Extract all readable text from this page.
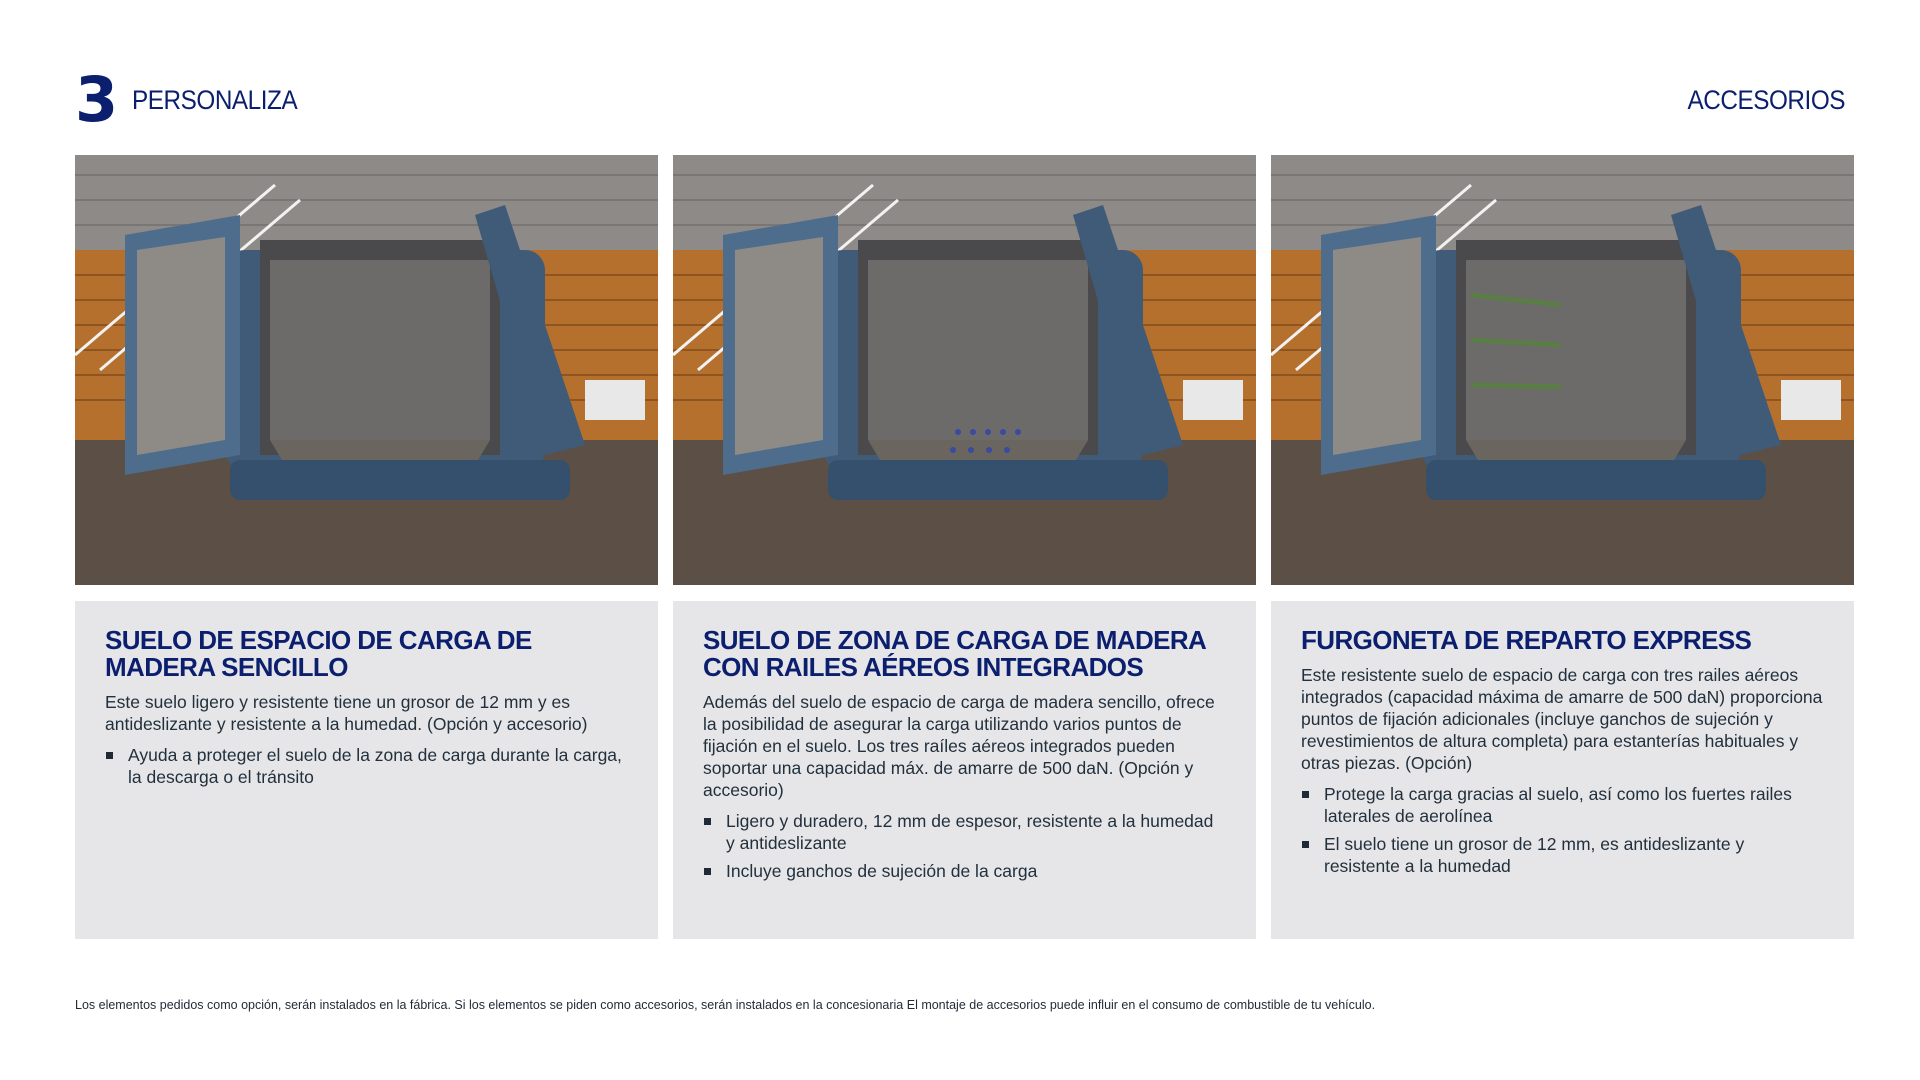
3 PERSONALIZA	ACCESORIOS
SUELO DE ESPACIO DE CARGA DE MADERA SENCILLO

Este suelo ligero y resistente tiene un grosor de 12 mm y es antideslizante y resistente a la humedad. (Opción y accesorio)

Ayuda a proteger el suelo de la zona de carga durante la carga, la descarga o el tránsito
SUELO DE ZONA DE CARGA DE MADERA CON RAILES AÉREOS INTEGRADOS

Además del suelo de espacio de carga de madera sencillo, ofrece la posibilidad de asegurar la carga utilizando varios puntos de fijación en el suelo. Los tres raíles aéreos integrados pueden soportar una capacidad máx. de amarre de 500 daN. (Opción y accesorio)

Ligero y duradero, 12 mm de espesor, resistente a la humedad y antideslizante
Incluye ganchos de sujeción de la carga
FURGONETA DE REPARTO EXPRESS

Este resistente suelo de espacio de carga con tres railes aéreos integrados (capacidad máxima de amarre de 500 daN) proporciona puntos de fijación adicionales (incluye ganchos de sujeción y revestimientos de altura completa) para estanterías habituales y otras piezas. (Opción)

Protege la carga gracias al suelo, así como los fuertes railes laterales de aerolínea
El suelo tiene un grosor de 12 mm, es antideslizante y resistente a la humedad

Los elementos pedidos como opción, serán instalados en la fábrica. Si los elementos se piden como accesorios, serán instalados en la concesionaria El montaje de accesorios puede influir en el consumo de combustible de tu vehículo.
